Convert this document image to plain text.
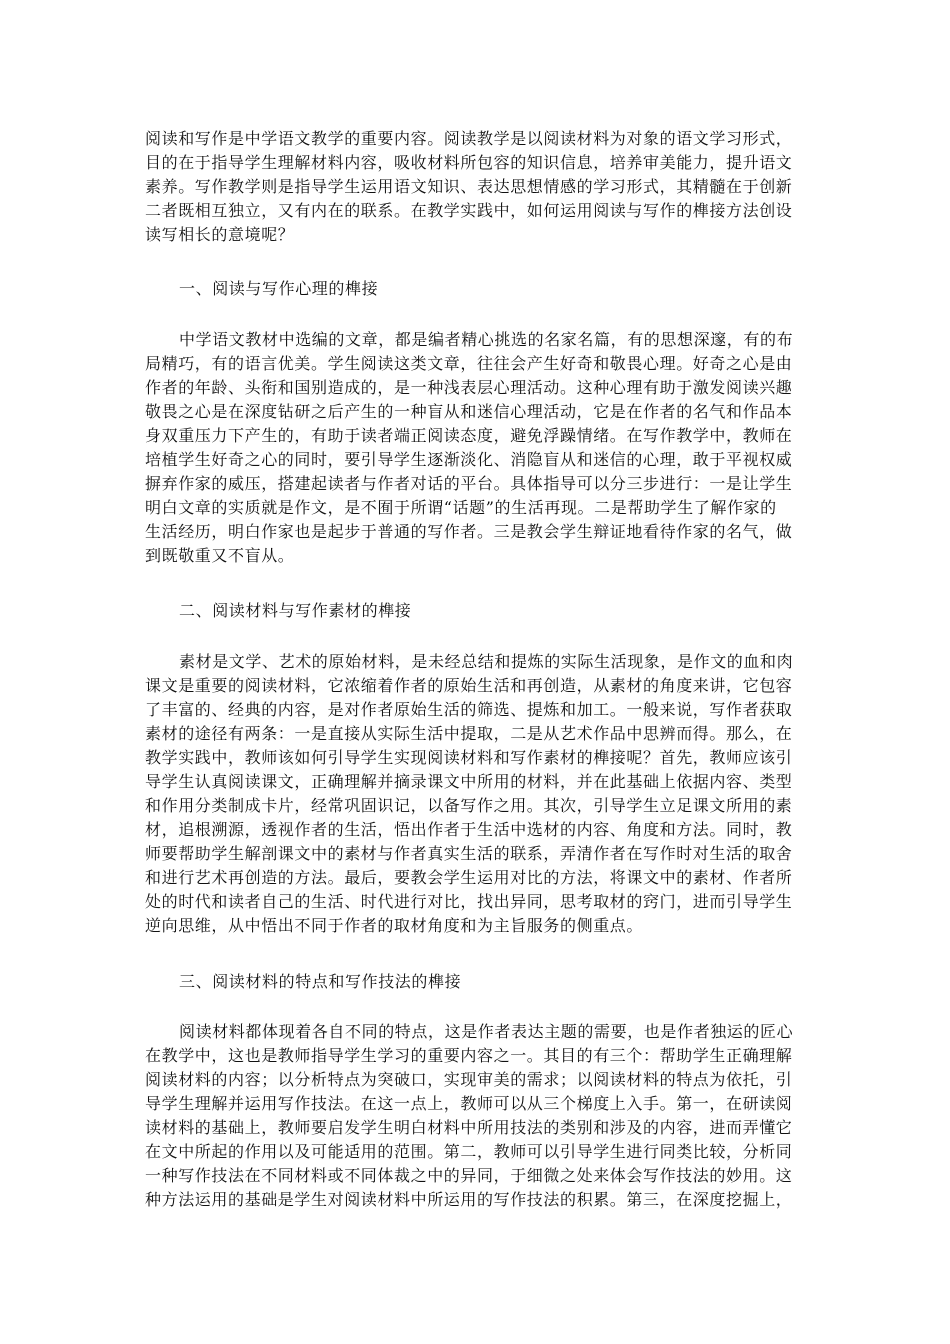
阅读和写作是中学语文教学的重要内容。阅读教学是以阅读材料为对象的语文学习形式，
目的在于指导学生理解材料内容，吸收材料所包容的知识信息，培养审美能力，提升语文
素养。写作教学则是指导学生运用语文知识、表达思想情感的学习形式，其精髓在于创新
二者既相互独立，又有内在的联系。在教学实践中，如何运用阅读与写作的榫接方法创设
读写相长的意境呢？
一、阅读与写作心理的榫接
中学语文教材中选编的文章，都是编者精心挑选的名家名篇，有的思想深邃，有的布
局精巧，有的语言优美。学生阅读这类文章，往往会产生好奇和敬畏心理。好奇之心是由
作者的年龄、头衔和国别造成的，是一种浅表层心理活动。这种心理有助于激发阅读兴趣
敬畏之心是在深度钻研之后产生的一种盲从和迷信心理活动，它是在作者的名气和作品本
身双重压力下产生的，有助于读者端正阅读态度，避免浮躁情绪。在写作教学中，教师在
培植学生好奇之心的同时，要引导学生逐渐淡化、消隐盲从和迷信的心理，敢于平视权威
摒弃作家的威压，搭建起读者与作者对话的平台。具体指导可以分三步进行：一是让学生
明白文章的实质就是作文，是不囿于所谓“话题”的生活再现。二是帮助学生了解作家的
生活经历，明白作家也是起步于普通的写作者。三是教会学生辩证地看待作家的名气，做
到既敬重又不盲从。
二、阅读材料与写作素材的榫接
素材是文学、艺术的原始材料，是未经总结和提炼的实际生活现象，是作文的血和肉
课文是重要的阅读材料，它浓缩着作者的原始生活和再创造，从素材的角度来讲，它包容
了丰富的、经典的内容，是对作者原始生活的筛选、提炼和加工。一般来说，写作者获取
素材的途径有两条：一是直接从实际生活中提取，二是从艺术作品中思辨而得。那么，在
教学实践中，教师该如何引导学生实现阅读材料和写作素材的榫接呢？首先，教师应该引
导学生认真阅读课文，正确理解并摘录课文中所用的材料，并在此基础上依据内容、类型
和作用分类制成卡片，经常巩固识记，以备写作之用。其次，引导学生立足课文所用的素
材，追根溯源，透视作者的生活，悟出作者于生活中选材的内容、角度和方法。同时，教
师要帮助学生解剖课文中的素材与作者真实生活的联系，弄清作者在写作时对生活的取舍
和进行艺术再创造的方法。最后，要教会学生运用对比的方法，将课文中的素材、作者所
处的时代和读者自己的生活、时代进行对比，找出异同，思考取材的窍门，进而引导学生
逆向思维，从中悟出不同于作者的取材角度和为主旨服务的侧重点。
三、阅读材料的特点和写作技法的榫接
阅读材料都体现着各自不同的特点，这是作者表达主题的需要，也是作者独运的匠心
在教学中，这也是教师指导学生学习的重要内容之一。其目的有三个：帮助学生正确理解
阅读材料的内容；以分析特点为突破口，实现审美的需求；以阅读材料的特点为依托，引
导学生理解并运用写作技法。在这一点上，教师可以从三个梯度上入手。第一，在研读阅
读材料的基础上，教师要启发学生明白材料中所用技法的类别和涉及的内容，进而弄懂它
在文中所起的作用以及可能适用的范围。第二，教师可以引导学生进行同类比较，分析同
一种写作技法在不同材料或不同体裁之中的异同，于细微之处来体会写作技法的妙用。这
种方法运用的基础是学生对阅读材料中所运用的写作技法的积累。第三，在深度挖掘上，
